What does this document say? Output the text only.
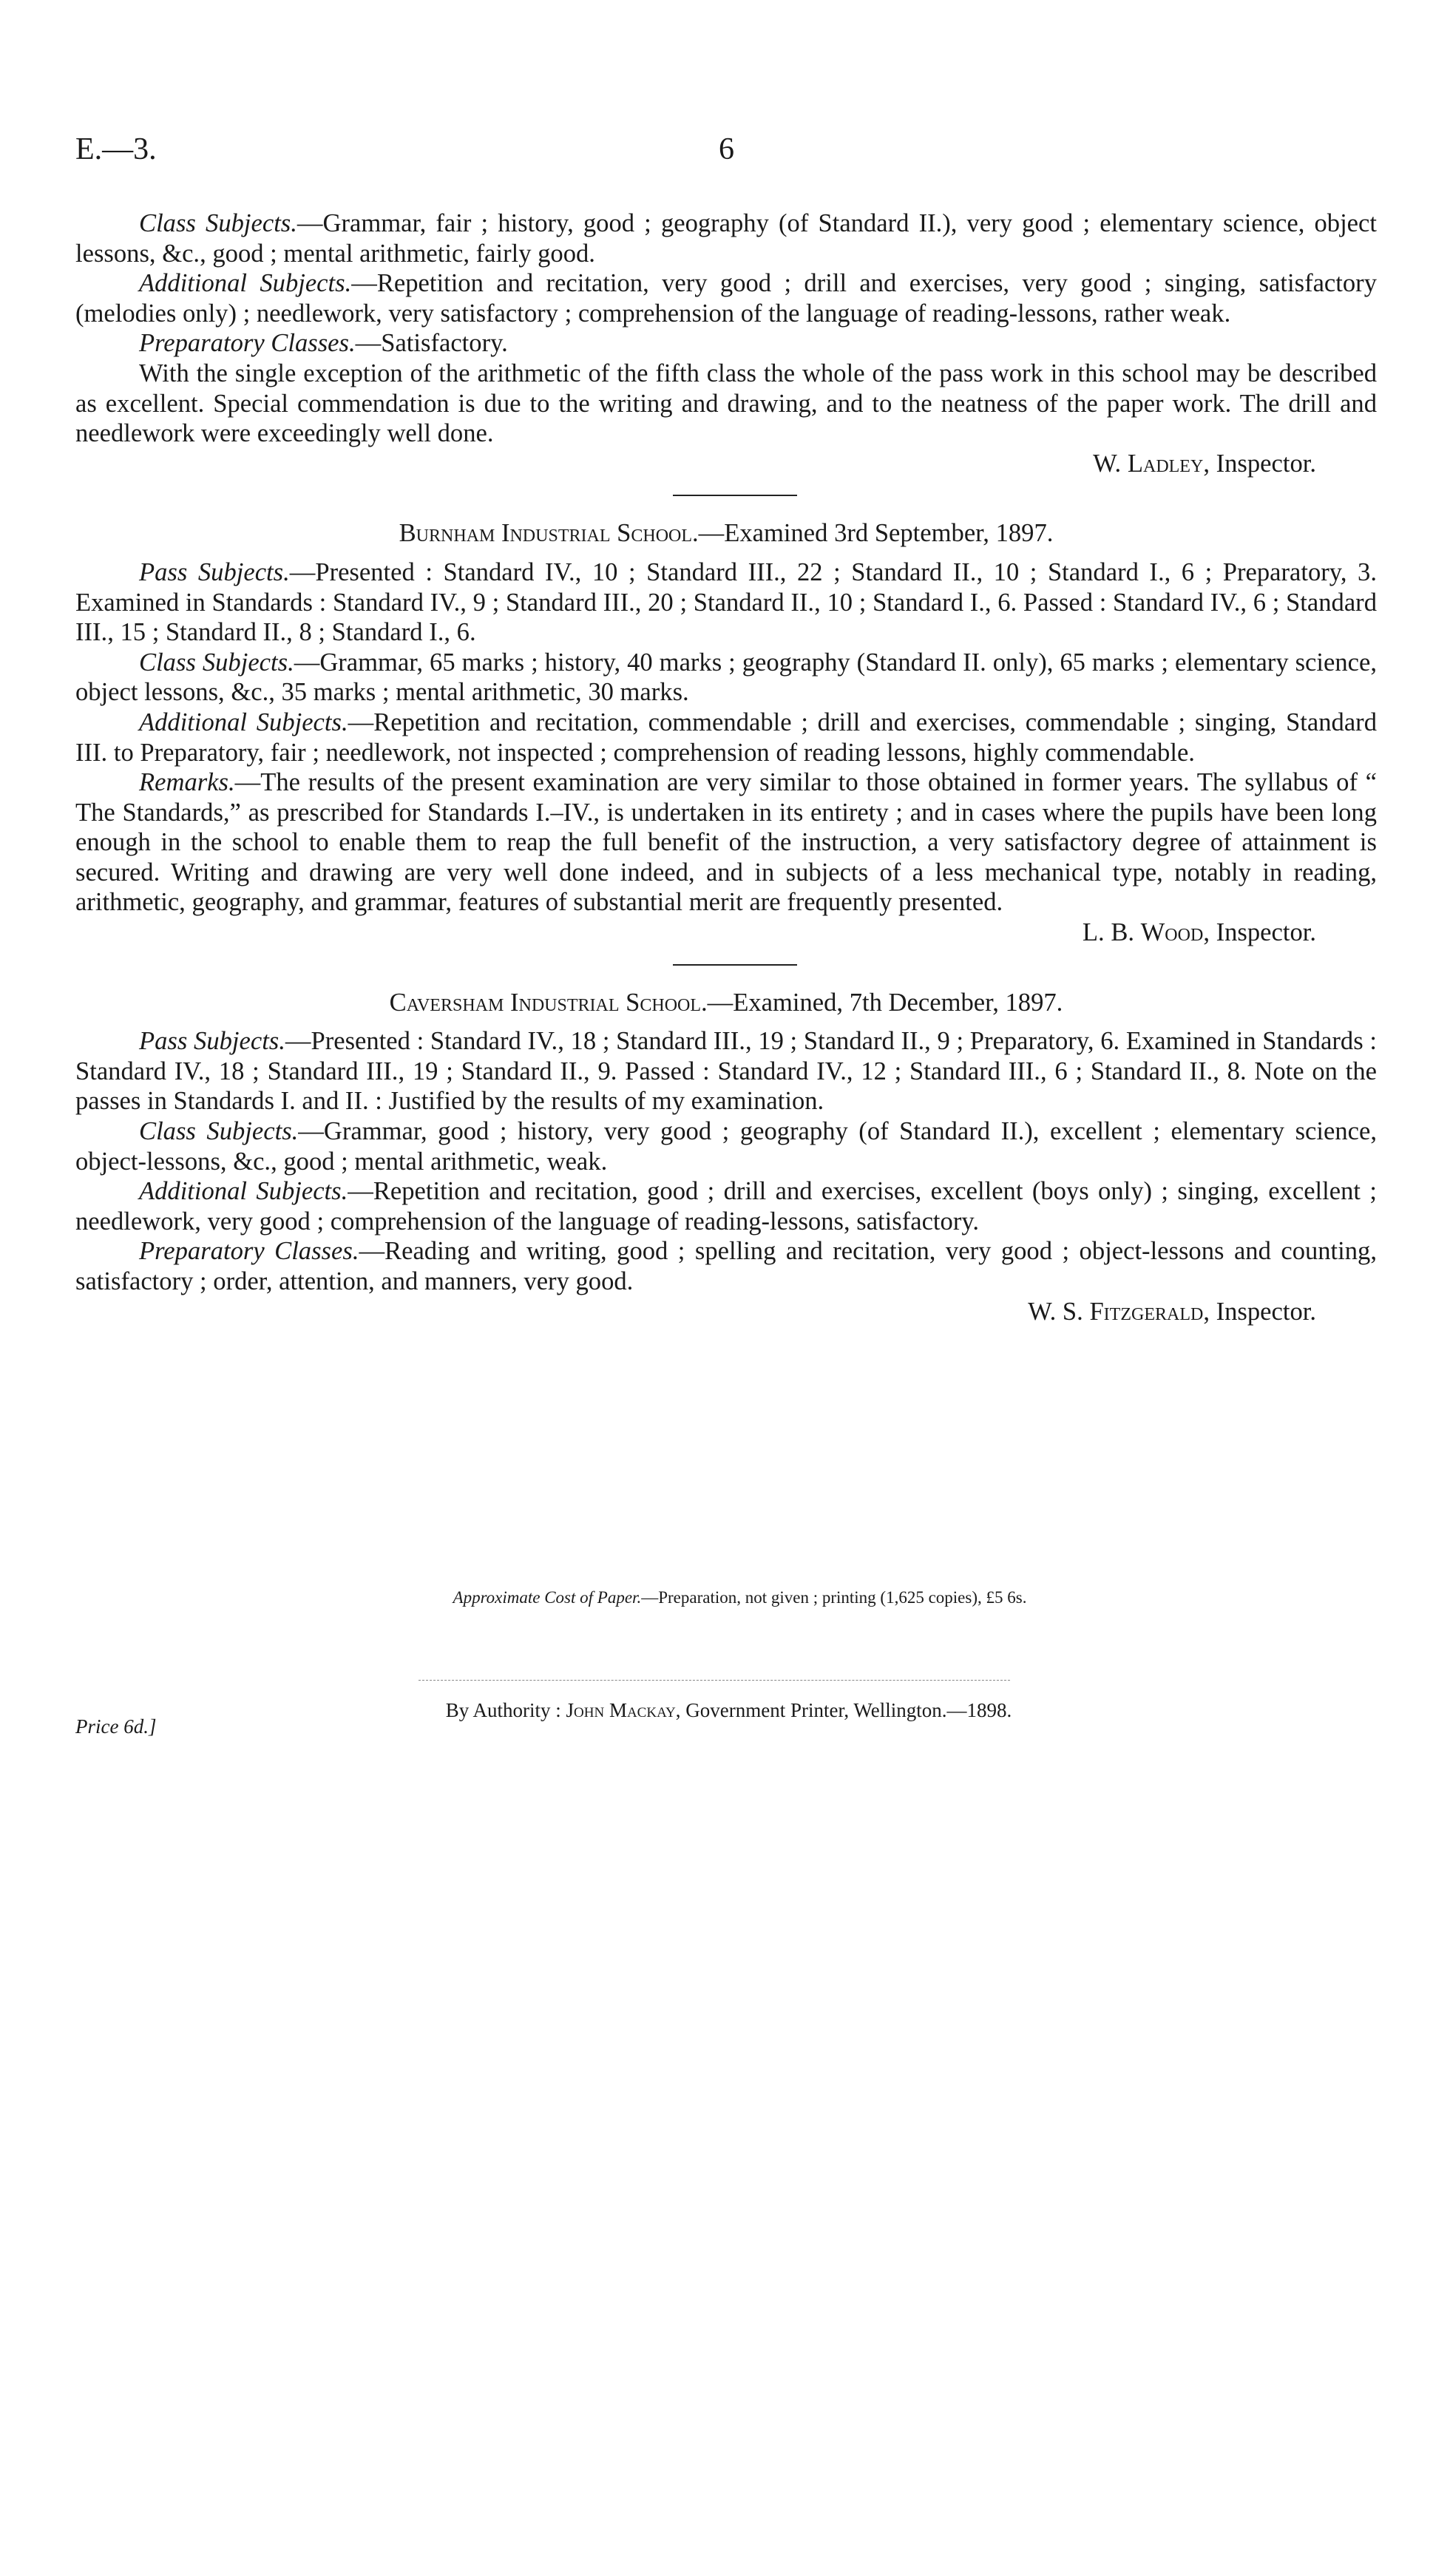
E.—3.	6

Class Subjects.—Grammar, fair ; history, good ; geography (of Standard II.), very good ; elementary science, object lessons, &c., good ; mental arithmetic, fairly good.

Additional Subjects.—Repetition and recitation, very good ; drill and exercises, very good ; singing, satisfactory (melodies only) ; needlework, very satisfactory ; comprehension of the language of reading-lessons, rather weak.

Preparatory Classes.—Satisfactory.

With the single exception of the arithmetic of the fifth class the whole of the pass work in this school may be described as excellent. Special commendation is due to the writing and drawing, and to the neatness of the paper work. The drill and needlework were exceedingly well done.

W. Ladley, Inspector.

Burnham Industrial School.—Examined 3rd September, 1897.

Pass Subjects.—Presented : Standard IV., 10 ; Standard III., 22 ; Standard II., 10 ; Standard I., 6 ; Preparatory, 3. Examined in Standards : Standard IV., 9 ; Standard III., 20 ; Standard II., 10 ; Standard I., 6. Passed : Standard IV., 6 ; Standard III., 15 ; Standard II., 8 ; Standard I., 6.

Class Subjects.—Grammar, 65 marks ; history, 40 marks ; geography (Standard II. only), 65 marks ; elementary science, object lessons, &c., 35 marks ; mental arithmetic, 30 marks.

Additional Subjects.—Repetition and recitation, commendable ; drill and exercises, commendable ; singing, Standard III. to Preparatory, fair ; needlework, not inspected ; comprehension of reading lessons, highly commendable.

Remarks.—The results of the present examination are very similar to those obtained in former years. The syllabus of “ The Standards,” as prescribed for Standards I.–IV., is undertaken in its entirety ; and in cases where the pupils have been long enough in the school to enable them to reap the full benefit of the instruction, a very satisfactory degree of attainment is secured. Writing and drawing are very well done indeed, and in subjects of a less mechanical type, notably in reading, arithmetic, geography, and grammar, features of substantial merit are frequently presented.

L. B. Wood, Inspector.

Caversham Industrial School.—Examined, 7th December, 1897.

Pass Subjects.—Presented : Standard IV., 18 ; Standard III., 19 ; Standard II., 9 ; Preparatory, 6. Examined in Standards : Standard IV., 18 ; Standard III., 19 ; Standard II., 9. Passed : Standard IV., 12 ; Standard III., 6 ; Standard II., 8. Note on the passes in Standards I. and II. : Justified by the results of my examination.

Class Subjects.—Grammar, good ; history, very good ; geography (of Standard II.), excellent ; elementary science, object-lessons, &c., good ; mental arithmetic, weak.

Additional Subjects.—Repetition and recitation, good ; drill and exercises, excellent (boys only) ; singing, excellent ; needlework, very good ; comprehension of the language of reading-lessons, satisfactory.

Preparatory Classes.—Reading and writing, good ; spelling and recitation, very good ; object-lessons and counting, satisfactory ; order, attention, and manners, very good.

W. S. Fitzgerald, Inspector.

Approximate Cost of Paper.—Preparation, not given ; printing (1,625 copies), £5 6s.
By Authority : John Mackay, Government Printer, Wellington.—1898.
Price 6d.]
